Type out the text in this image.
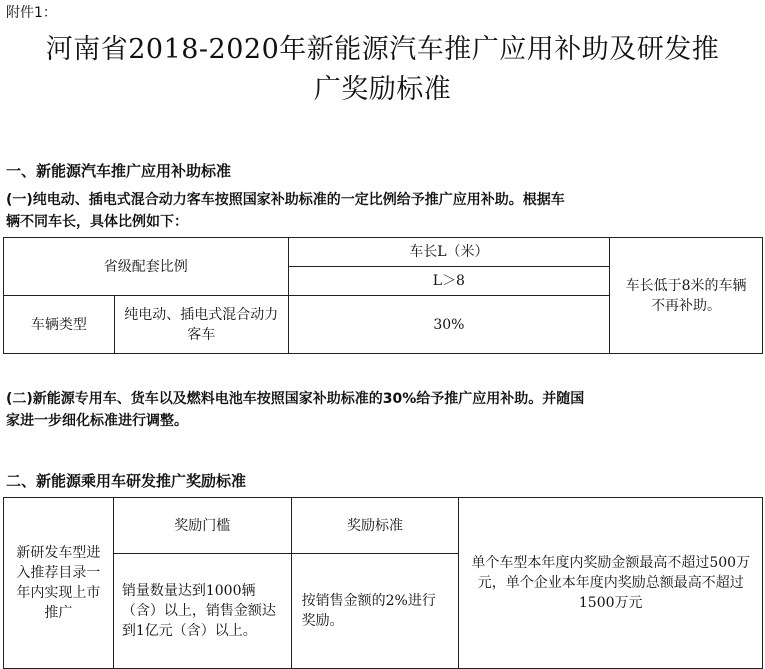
附件1：
河南省2018-2020年新能源汽车推广应用补助及研发推
广奖励标准
一、新能源汽车推广应用补助标准
(一)纯电动、插电式混合动力客车按照国家补助标准的一定比例给予推广应用补助。根据车
辆不同车长，具体比例如下：
省级配套比例		车长L（米）	车长低于8米的车辆不再补助。
		L＞8	
车辆类型	纯电动、插电式混合动力客车	30%	
(二)新能源专用车、货车以及燃料电池车按照国家补助标准的30%给予推广应用补助。并随国
家进一步细化标准进行调整。
二、新能源乘用车研发推广奖励标准
新研发车型进入推荐目录一年内实现上市推广	奖励门槛	奖励标准	单个车型本年度内奖励金额最高不超过500万元，单个企业本年度内奖励总额最高不超过1500万元
	销量数量达到1000辆（含）以上，销售金额达到1亿元（含）以上。	按销售金额的2%进行奖励。	
